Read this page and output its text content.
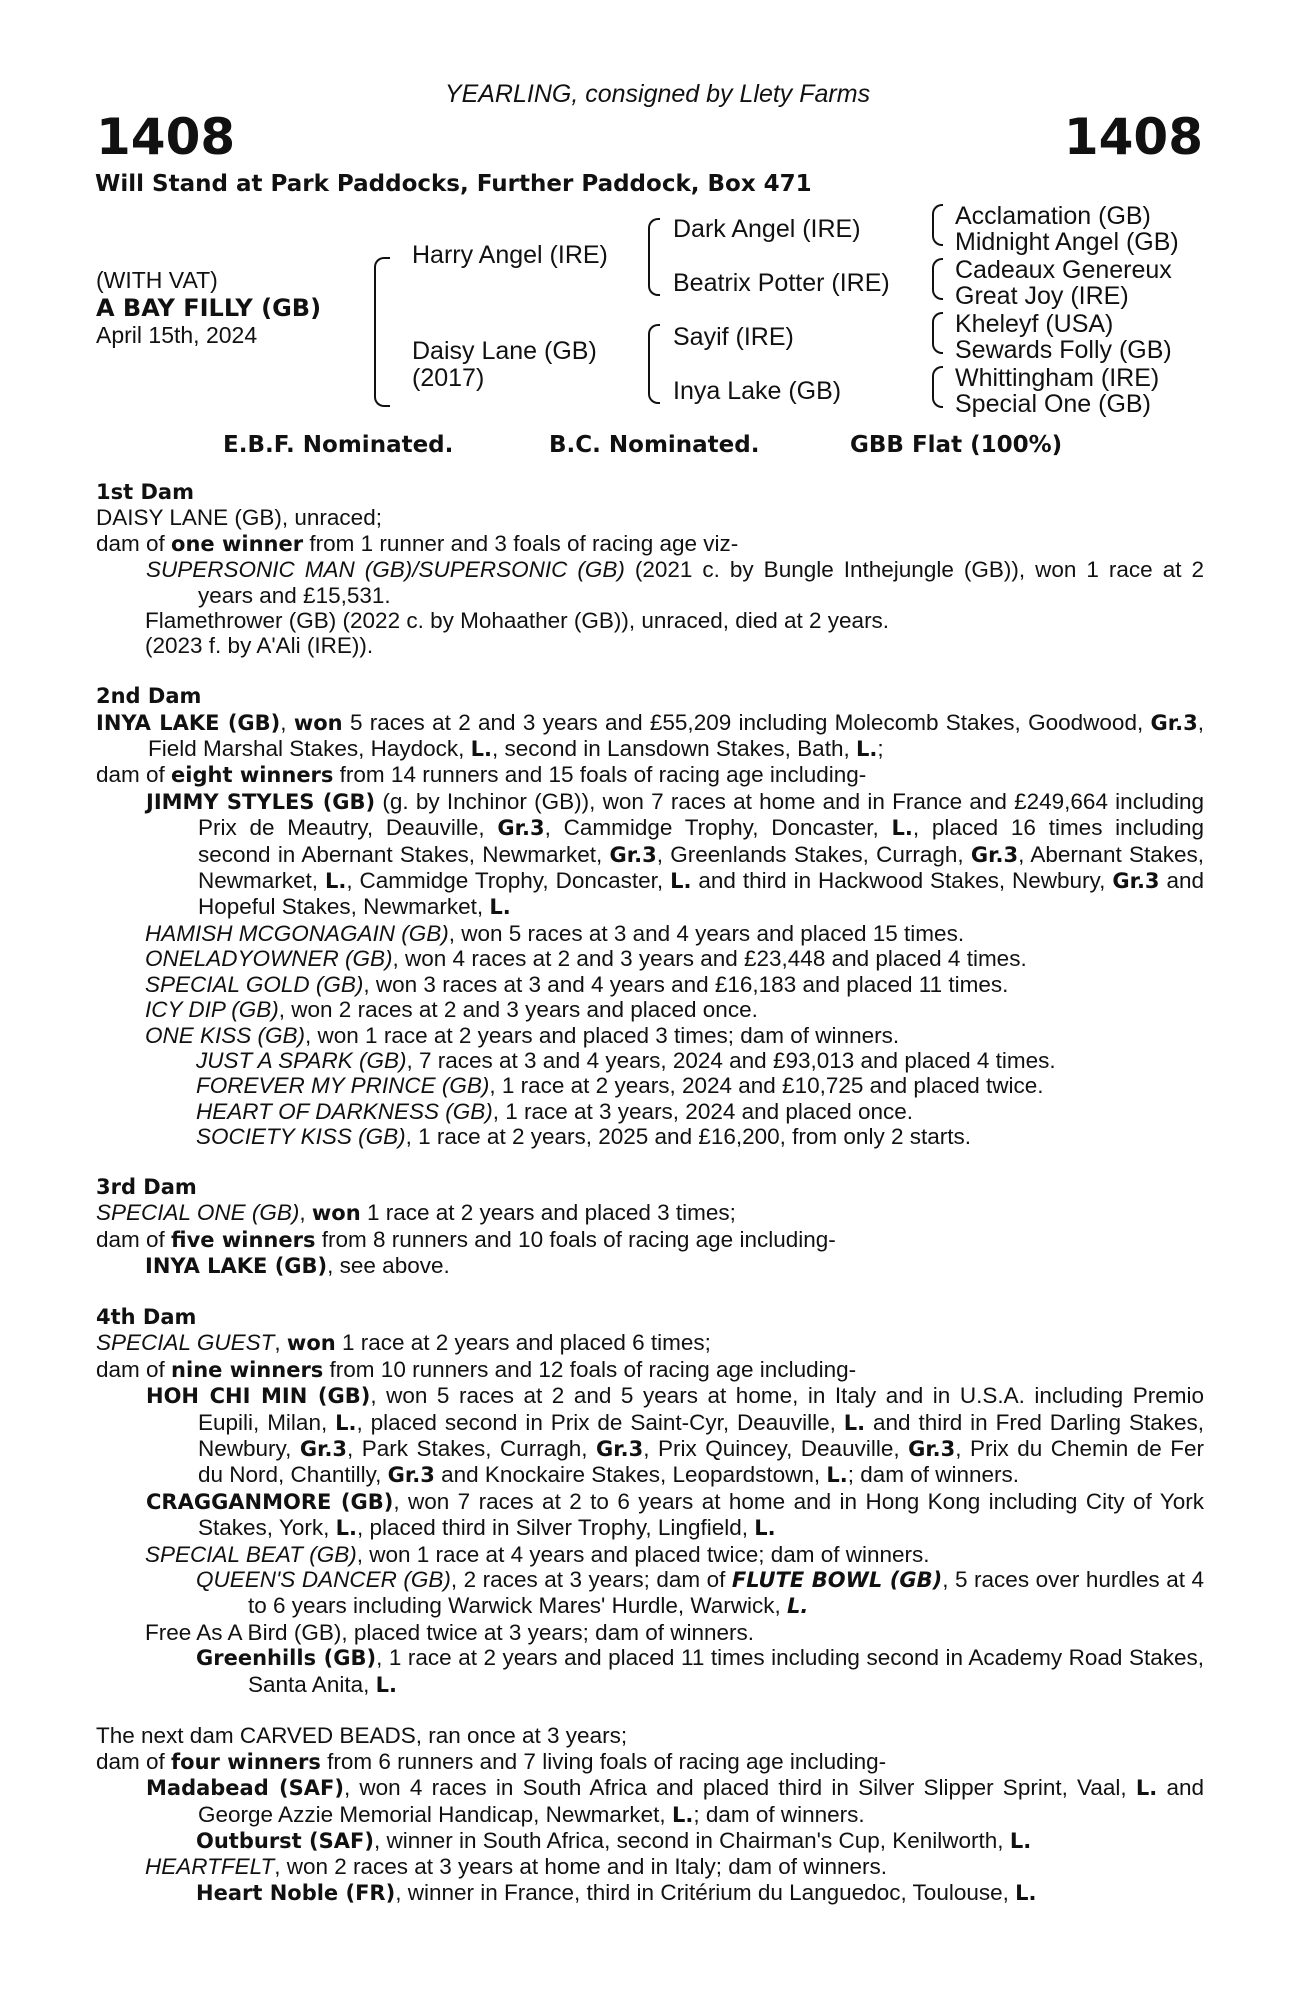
YEARLING, consigned by Llety Farms
1408	1408
Will Stand at Park Paddocks, Further Paddock, Box 471
(WITH VAT)
A BAY FILLY (GB)
April 15th, 2024
Harry Angel (IRE)
Daisy Lane (GB)
(2017)
Dark Angel (IRE)
Beatrix Potter (IRE)
Sayif (IRE)
Inya Lake (GB)
Acclamation (GB)
Midnight Angel (GB)
Cadeaux Genereux
Great Joy (IRE)
Kheleyf (USA)
Sewards Folly (GB)
Whittingham (IRE)
Special One (GB)
E.B.F. Nominated.	B.C. Nominated.	GBB Flat (100%)

1st Dam

DAISY LANE (GB), unraced;

dam of one winner from 1 runner and 3 foals of racing age viz-

SUPERSONIC MAN (GB)/SUPERSONIC (GB) (2021 c. by Bungle Inthejungle (GB)), won 1 race at 2 years and £15,531.

Flamethrower (GB) (2022 c. by Mohaather (GB)), unraced, died at 2 years.

(2023 f. by A'Ali (IRE)).

2nd Dam

INYA LAKE (GB), won 5 races at 2 and 3 years and £55,209 including Molecomb Stakes, Goodwood, Gr.3, Field Marshal Stakes, Haydock, L., second in Lansdown Stakes, Bath, L.;

dam of eight winners from 14 runners and 15 foals of racing age including-

JIMMY STYLES (GB) (g. by Inchinor (GB)), won 7 races at home and in France and £249,664 including Prix de Meautry, Deauville, Gr.3, Cammidge Trophy, Doncaster, L., placed 16 times including second in Abernant Stakes, Newmarket, Gr.3, Greenlands Stakes, Curragh, Gr.3, Abernant Stakes, Newmarket, L., Cammidge Trophy, Doncaster, L. and third in Hackwood Stakes, Newbury, Gr.3 and Hopeful Stakes, Newmarket, L.

HAMISH MCGONAGAIN (GB), won 5 races at 3 and 4 years and placed 15 times.

ONELADYOWNER (GB), won 4 races at 2 and 3 years and £23,448 and placed 4 times.

SPECIAL GOLD (GB), won 3 races at 3 and 4 years and £16,183 and placed 11 times.

ICY DIP (GB), won 2 races at 2 and 3 years and placed once.

ONE KISS (GB), won 1 race at 2 years and placed 3 times; dam of winners.

JUST A SPARK (GB), 7 races at 3 and 4 years, 2024 and £93,013 and placed 4 times.

FOREVER MY PRINCE (GB), 1 race at 2 years, 2024 and £10,725 and placed twice.

HEART OF DARKNESS (GB), 1 race at 3 years, 2024 and placed once.

SOCIETY KISS (GB), 1 race at 2 years, 2025 and £16,200, from only 2 starts.

3rd Dam

SPECIAL ONE (GB), won 1 race at 2 years and placed 3 times;

dam of five winners from 8 runners and 10 foals of racing age including-

INYA LAKE (GB), see above.

4th Dam

SPECIAL GUEST, won 1 race at 2 years and placed 6 times;

dam of nine winners from 10 runners and 12 foals of racing age including-

HOH CHI MIN (GB), won 5 races at 2 and 5 years at home, in Italy and in U.S.A. including Premio Eupili, Milan, L., placed second in Prix de Saint-Cyr, Deauville, L. and third in Fred Darling Stakes, Newbury, Gr.3, Park Stakes, Curragh, Gr.3, Prix Quincey, Deauville, Gr.3, Prix du Chemin de Fer du Nord, Chantilly, Gr.3 and Knockaire Stakes, Leopardstown, L.; dam of winners.

CRAGGANMORE (GB), won 7 races at 2 to 6 years at home and in Hong Kong including City of York Stakes, York, L., placed third in Silver Trophy, Lingfield, L.

SPECIAL BEAT (GB), won 1 race at 4 years and placed twice; dam of winners.

QUEEN'S DANCER (GB), 2 races at 3 years; dam of FLUTE BOWL (GB), 5 races over hurdles at 4 to 6 years including Warwick Mares' Hurdle, Warwick, L.

Free As A Bird (GB), placed twice at 3 years; dam of winners.

Greenhills (GB), 1 race at 2 years and placed 11 times including second in Academy Road Stakes, Santa Anita, L.

The next dam CARVED BEADS, ran once at 3 years;

dam of four winners from 6 runners and 7 living foals of racing age including-

Madabead (SAF), won 4 races in South Africa and placed third in Silver Slipper Sprint, Vaal, L. and George Azzie Memorial Handicap, Newmarket, L.; dam of winners.

Outburst (SAF), winner in South Africa, second in Chairman's Cup, Kenilworth, L.

HEARTFELT, won 2 races at 3 years at home and in Italy; dam of winners.

Heart Noble (FR), winner in France, third in Critérium du Languedoc, Toulouse, L.
